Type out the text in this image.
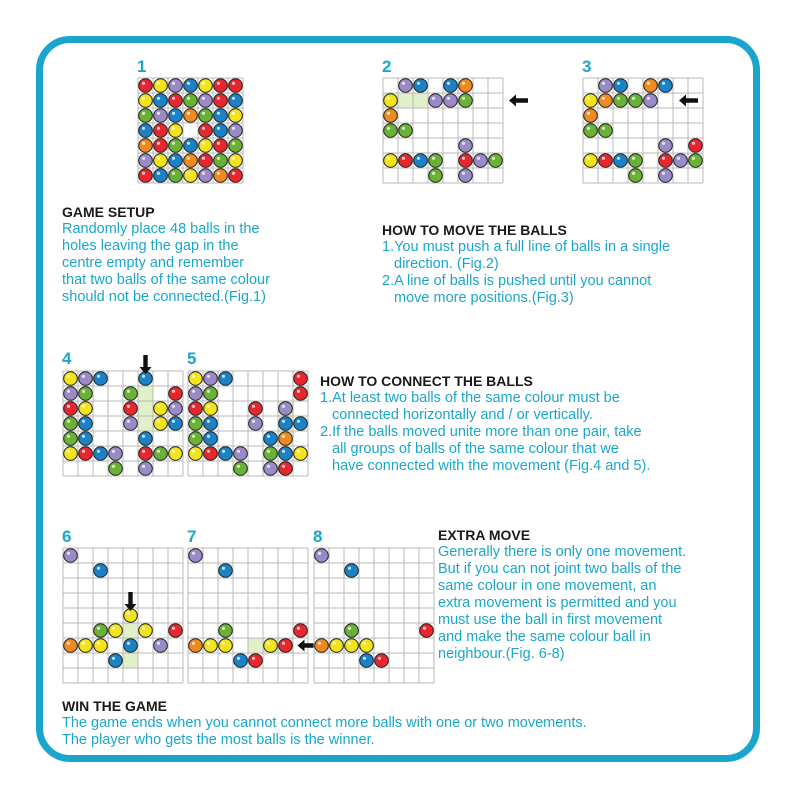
1	2	3
4	5
6	7	8
GAME SETUP

Randomly place 48 balls in the

holes leaving the gap in the

centre empty and remember

that two balls of the same colour

should not be connected.(Fig.1)

HOW TO MOVE THE BALLS

1.You must push a full line of balls in a single

direction. (Fig.2)

2.A line of balls is pushed until you cannot

move more positions.(Fig.3)

HOW TO CONNECT THE BALLS

1.At least two balls of the same colour must be

connected horizontally and / or vertically.

2.If the balls moved unite more than one pair, take

all groups of balls of the same colour that we

have connected with the movement (Fig.4 and 5).

EXTRA MOVE

Generally there is only one movement.

But if you can not joint two balls of the

same colour in one movement, an

extra movement is permitted and you

must use the ball in first movement

and make the same colour ball in

neighbour.(Fig. 6-8)

WIN THE GAME

The game ends when you cannot connect more balls with one or two movements.

The player who gets the most balls is the winner.
